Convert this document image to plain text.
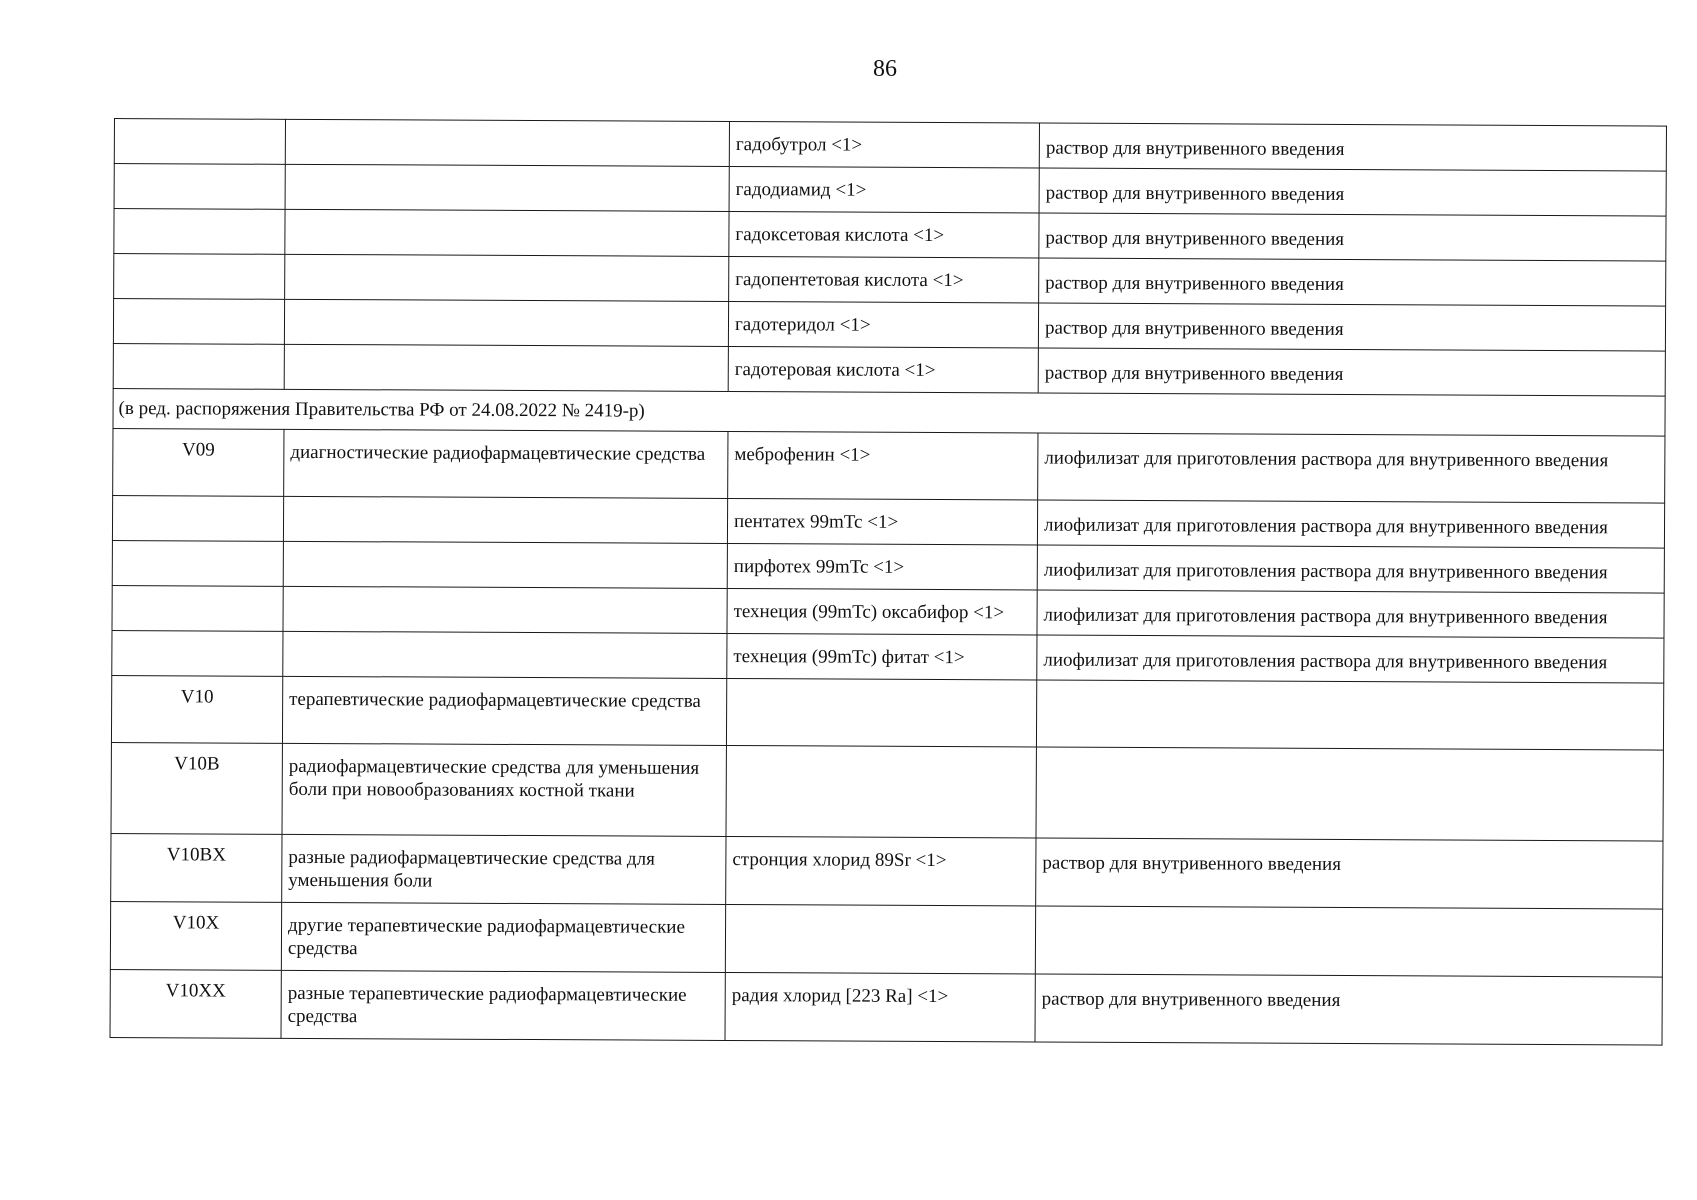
86
		гадобутрол <1>	раствор для внутривенного введения
		гадодиамид <1>	раствор для внутривенного введения
		гадоксетовая кислота <1>	раствор для внутривенного введения
		гадопентетовая кислота <1>	раствор для внутривенного введения
		гадотеридол <1>	раствор для внутривенного введения
		гадотеровая кислота <1>	раствор для внутривенного введения
(в ред. распоряжения Правительства РФ от 24.08.2022 № 2419-р)			
V09	диагностические радиофармацевтические средства	меброфенин <1>	лиофилизат для приготовления раствора для внутривенного введения
		пентатех 99mTc <1>	лиофилизат для приготовления раствора для внутривенного введения
		пирфотех 99mTc <1>	лиофилизат для приготовления раствора для внутривенного введения
		технеция (99mTc) оксабифор <1>	лиофилизат для приготовления раствора для внутривенного введения
		технеция (99mTc) фитат <1>	лиофилизат для приготовления раствора для внутривенного введения
V10	терапевтические радиофармацевтические средства		
V10B	радиофармацевтические средства для уменьшения боли при новообразованиях костной ткани		
V10BX	разные радиофармацевтические средства для уменьшения боли	стронция хлорид 89Sr <1>	раствор для внутривенного введения
V10X	другие терапевтические радиофармацевтические средства		
V10XX	разные терапевтические радиофармацевтические средства	радия хлорид [223 Ra] <1>	раствор для внутривенного введения
